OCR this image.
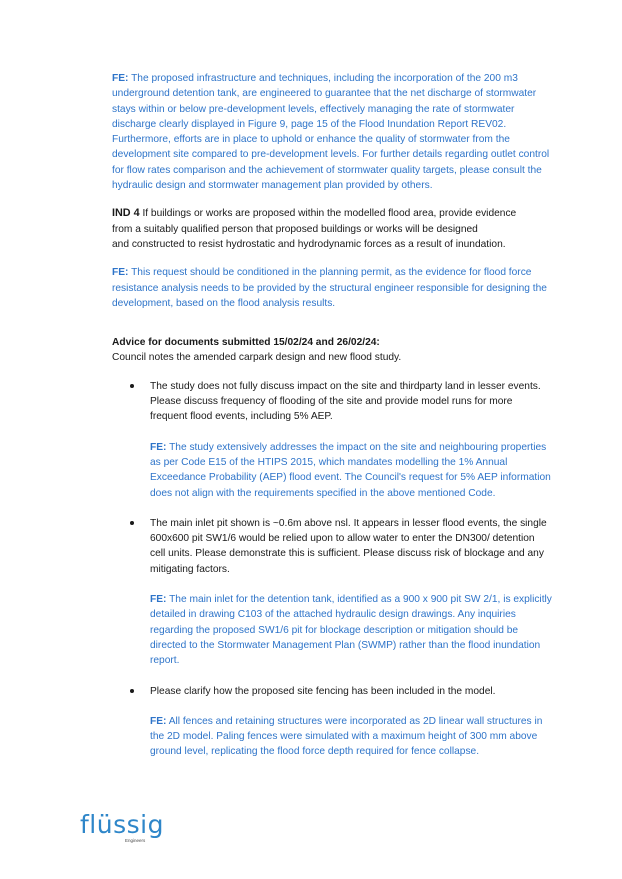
FE: The proposed infrastructure and techniques, including the incorporation of the 200 m3 underground detention tank, are engineered to guarantee that the net discharge of stormwater stays within or below pre-development levels, effectively managing the rate of stormwater discharge clearly displayed in Figure 9, page 15 of the Flood Inundation Report REV02.

Furthermore, efforts are in place to uphold or enhance the quality of stormwater from the development site compared to pre-development levels. For further details regarding outlet control for flow rates comparison and the achievement of stormwater quality targets, please consult the hydraulic design and stormwater management plan provided by others.

IND 4 If buildings or works are proposed within the modelled flood area, provide evidence

from a suitably qualified person that proposed buildings or works will be designed

and constructed to resist hydrostatic and hydrodynamic forces as a result of inundation.

FE: This request should be conditioned in the planning permit, as the evidence for flood force resistance analysis needs to be provided by the structural engineer responsible for designing the development, based on the flood analysis results.

Advice for documents submitted 15/02/24 and 26/02/24:

Council notes the amended carpark design and new flood study.

The study does not fully discuss impact on the site and thirdparty land in lesser events. Please discuss frequency of flooding of the site and provide model runs for more frequent flood events, including 5% AEP.

FE: The study extensively addresses the impact on the site and neighbouring properties as per Code E15 of the HTIPS 2015, which mandates modelling the 1% Annual Exceedance Probability (AEP) flood event. The Council's request for 5% AEP information does not align with the requirements specified in the above mentioned Code.

The main inlet pit shown is ~0.6m above nsl. It appears in lesser flood events, the single 600x600 pit SW1/6 would be relied upon to allow water to enter the DN300/ detention cell units. Please demonstrate this is sufficient. Please discuss risk of blockage and any mitigating factors.

FE: The main inlet for the detention tank, identified as a 900 x 900 pit SW 2/1, is explicitly detailed in drawing C103 of the attached hydraulic design drawings. Any inquiries regarding the proposed SW1/6 pit for blockage description or mitigation should be directed to the Stormwater Management Plan (SWMP) rather than the flood inundation report.

Please clarify how the proposed site fencing has been included in the model.

FE: All fences and retaining structures were incorporated as 2D linear wall structures in the 2D model. Paling fences were simulated with a maximum height of 300 mm above ground level, replicating the flood force depth required for fence collapse.

flüssig
Engineers
